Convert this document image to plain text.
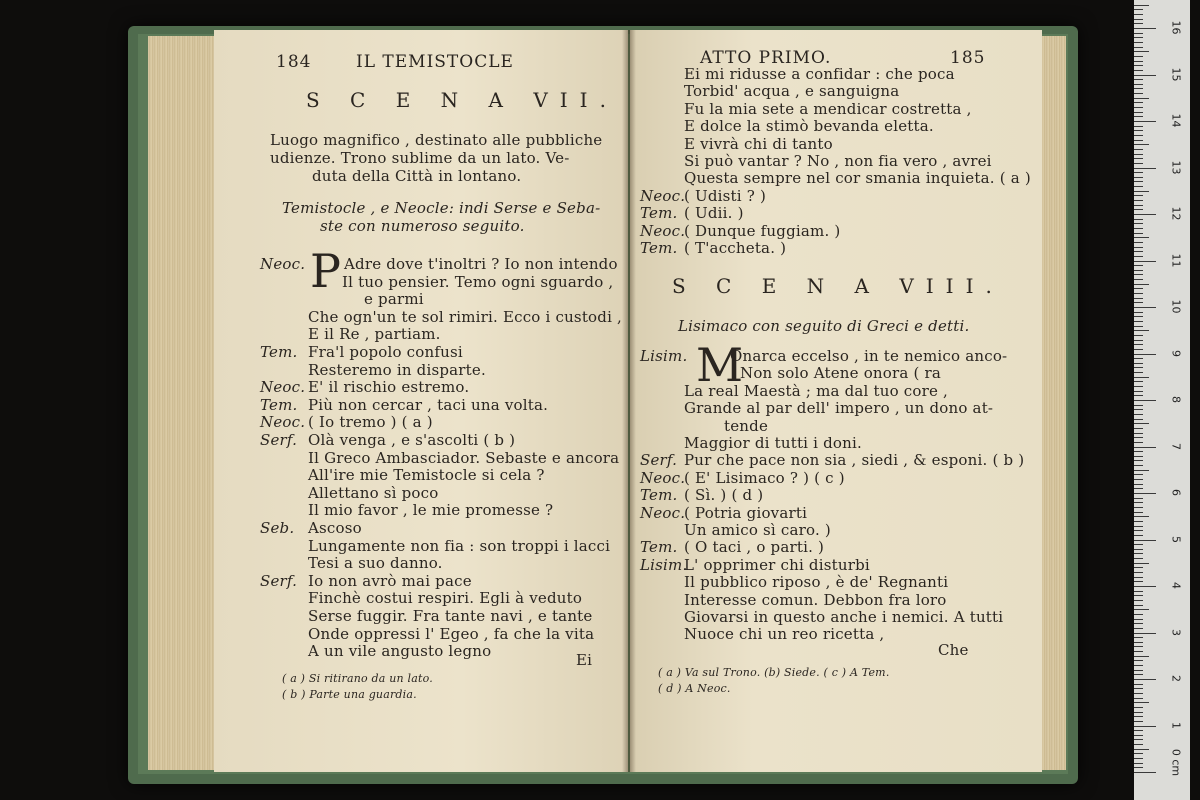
184	IL TEMISTOCLE
S C E N A VII.
Luogo magnifico , destinato alle pubbliche
udienze. Trono sublime da un lato. Ve-
duta della Città in lontano.
Temistocle , e Neocle: indi Serse e Seba-
ste con numeroso seguito.
P
Neoc.	Adre dove t'inoltri ? Io non intendo
Il tuo pensier. Temo ogni sguardo ,
e parmi
Che ogn'un te sol rimiri. Ecco i custodi ,
E il Re , partiam.
Tem. Fra'l popolo confusi
Resteremo in disparte.
Neoc. E' il rischio estremo.
Tem. Più non cercar , taci una volta.
Neoc. ( Io tremo ) ( a )
Serf. Olà venga , e s'ascolti ( b )
Il Greco Ambasciador. Sebaste e ancora
All'ire mie Temistocle si cela ?
Allettano sì poco
Il mio favor , le mie promesse ?
Seb. Ascoso
Lungamente non fia : son troppi i lacci
Tesi a suo danno.
Serf. Io non avrò mai pace
Finchè costui respiri. Egli à veduto
Serse fuggir. Fra tante navi , e tante
Onde oppressi l' Egeo , fa che la vita
A un vile angusto legno	Ei
( a ) Si ritirano da un lato.
( b ) Parte una guardia.
ATTO PRIMO.	185
Ei mi ridusse a confidar : che poca
Torbid' acqua , e sanguigna
Fu la mia sete a mendicar costretta ,
E dolce la stimò bevanda eletta.
E vivrà chi di tanto
Si può vantar ? No , non fia vero , avrei
Questa sempre nel cor smania inquieta. ( a )
Neoc.
( Udisti ? )
Tem. ( Udii. )
Neoc.
( Dunque fuggiam. )
Tem. ( T'accheta. )
S C E N A VIII.
Lisimaco con seguito di Greci e detti.
M
Lisim.	Onarca eccelso , in te nemico anco-
Non solo Atene onora ( ra
La real Maestà ; ma dal tuo core ,
Grande al par dell' impero , un dono at-
tende
Maggior di tutti i doni.
Serf. Pur che pace non sia , siedi , & esponi. ( b )
Neoc.
( E' Lisimaco ? ) ( c )
Tem. ( Sì. ) ( d )
Neoc.
( Potria giovarti
Un amico sì caro. )
Tem. ( O taci , o parti. )
Lisim.
L' opprimer chi disturbi
Il pubblico riposo , è de' Regnanti
Interesse comun. Debbon fra loro
Giovarsi in questo anche i nemici. A tutti
Nuoce chi un reo ricetta ,
Che
( a ) Va sul Trono. (b) Siede. ( c ) A Tem.
( d ) A Neoc.
0 cm
1
2
3
4
5
6
7
8
9
10
11
12
13
14
15
16
